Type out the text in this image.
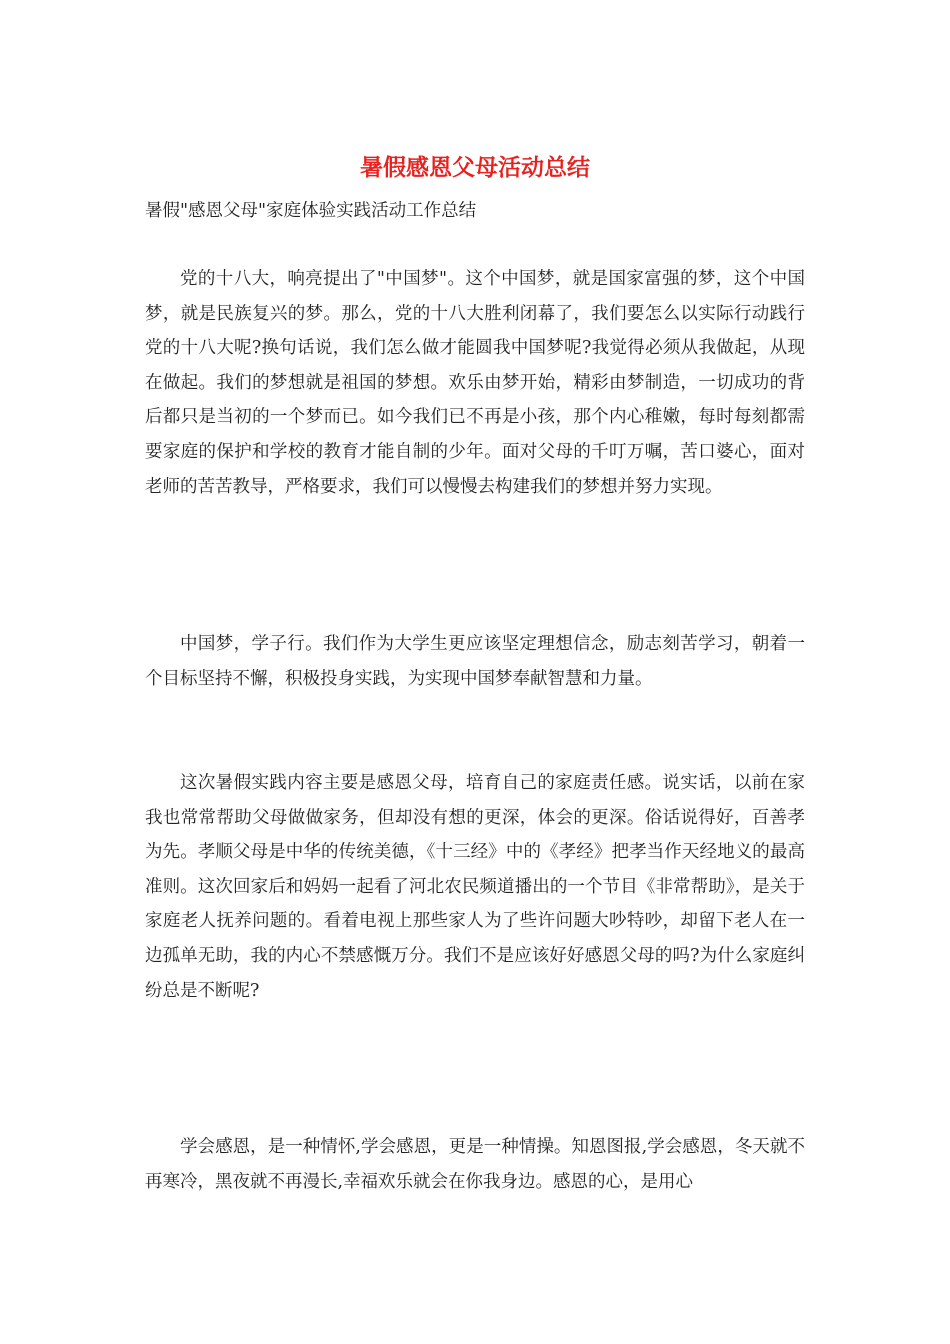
暑假感恩父母活动总结

暑假"感恩父母"家庭体验实践活动工作总结

党的十八大，响亮提出了"中国梦"。这个中国梦，就是国家富强的梦，这个中国梦，就是民族复兴的梦。那么，党的十八大胜利闭幕了，我们要怎么以实际行动践行党的十八大呢?换句话说，我们怎么做才能圆我中国梦呢?我觉得必须从我做起，从现在做起。我们的梦想就是祖国的梦想。欢乐由梦开始，精彩由梦制造，一切成功的背后都只是当初的一个梦而已。如今我们已不再是小孩，那个内心稚嫩，每时每刻都需要家庭的保护和学校的教育才能自制的少年。面对父母的千叮万嘱，苦口婆心，面对老师的苦苦教导，严格要求，我们可以慢慢去构建我们的梦想并努力实现。

中国梦，学子行。我们作为大学生更应该坚定理想信念，励志刻苦学习，朝着一个目标坚持不懈，积极投身实践，为实现中国梦奉献智慧和力量。

这次暑假实践内容主要是感恩父母，培育自己的家庭责任感。说实话，以前在家我也常常帮助父母做做家务，但却没有想的更深，体会的更深。俗话说得好，百善孝为先。孝顺父母是中华的传统美德，《十三经》中的《孝经》把孝当作天经地义的最高准则。这次回家后和妈妈一起看了河北农民频道播出的一个节目《非常帮助》，是关于家庭老人抚养问题的。看着电视上那些家人为了些许问题大吵特吵，却留下老人在一边孤单无助，我的内心不禁感慨万分。我们不是应该好好感恩父母的吗?为什么家庭纠纷总是不断呢?

学会感恩，是一种情怀,学会感恩，更是一种情操。知恩图报,学会感恩，冬天就不再寒冷，黑夜就不再漫长,幸福欢乐就会在你我身边。感恩的心，是用心
